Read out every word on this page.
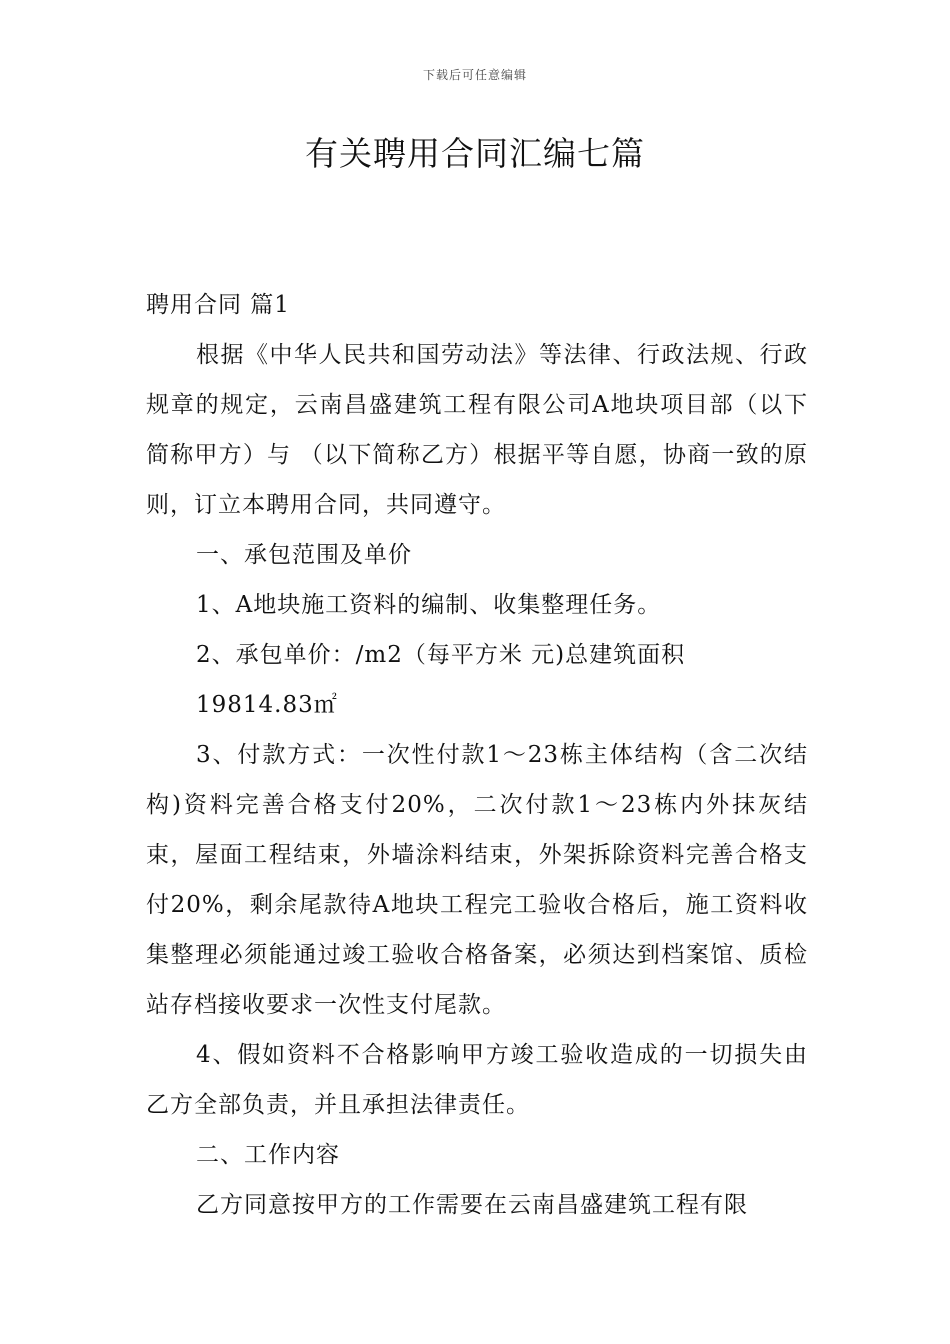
下载后可任意编辑
有关聘用合同汇编七篇

聘用合同 篇1

根据《中华人民共和国劳动法》等法律、行政法规、行政规章的规定，云南昌盛建筑工程有限公司A地块项目部（以下简称甲方）与 （以下简称乙方）根据平等自愿，协商一致的原则，订立本聘用合同，共同遵守。

一、承包范围及单价

1、A地块施工资料的编制、收集整理任务。

2、承包单价：/m2（每平方米 元)总建筑面积

19814.83㎡

3、付款方式：一次性付款1～23栋主体结构（含二次结构)资料完善合格支付20%，二次付款1～23栋内外抹灰结束，屋面工程结束，外墙涂料结束，外架拆除资料完善合格支付20%，剩余尾款待A地块工程完工验收合格后，施工资料收集整理必须能通过竣工验收合格备案，必须达到档案馆、质检站存档接收要求一次性支付尾款。

4、假如资料不合格影响甲方竣工验收造成的一切损失由乙方全部负责，并且承担法律责任。

二、工作内容

乙方同意按甲方的工作需要在云南昌盛建筑工程有限
